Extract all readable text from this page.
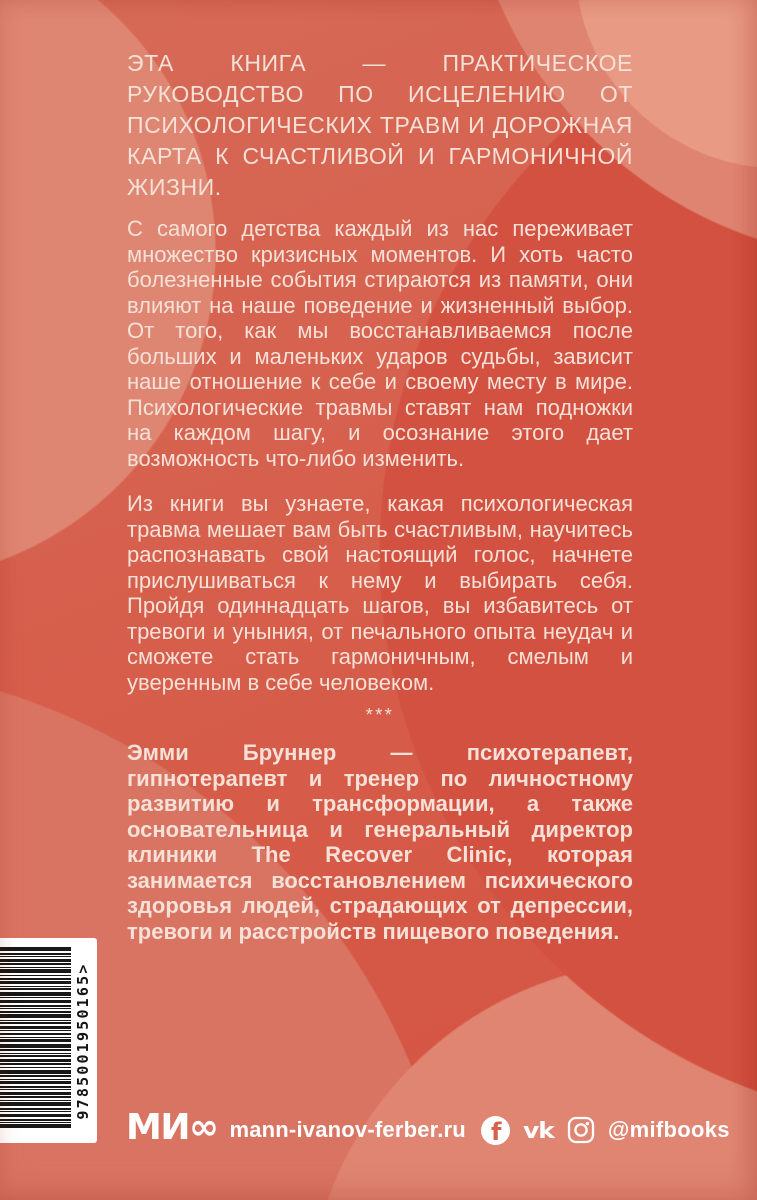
ЭТА КНИГА — ПРАКТИЧЕСКОЕ РУКОВОДСТВО ПО ИСЦЕЛЕНИЮ ОТ ПСИХОЛОГИЧЕСКИХ ТРАВМ И ДОРОЖНАЯ КАРТА К СЧАСТЛИВОЙ И ГАРМОНИЧНОЙ ЖИЗНИ.

С самого детства каждый из нас переживает множество кризисных моментов. И хоть часто болезненные события стираются из памяти, они влияют на наше поведение и жизненный выбор. От того, как мы восстанавливаемся после больших и маленьких ударов судьбы, зависит наше отношение к себе и своему месту в мире. Психологические травмы ставят нам подножки на каждом шагу, и осознание этого дает возможность что-либо изменить.

Из книги вы узнаете, какая психологическая травма мешает вам быть счастливым, научитесь распознавать свой настоящий голос, начнете прислушиваться к нему и выбирать себя. Пройдя одиннадцать шагов, вы избавитесь от тревоги и уныния, от печального опыта неудач и сможете стать гармоничным, смелым и уверенным в себе человеком.

***

Эмми Бруннер — психотерапевт, гипнотерапевт и тренер по личностному развитию и трансформации, а также основательница и генеральный директор клиники The Recover Clinic, которая занимается восстановлением психического здоровья людей, страдающих от депрессии, тревоги и расстройств пищевого поведения.

9785001950165>
МИ∞ mann-ivanov-ferber.ru f vk @mifbooks
